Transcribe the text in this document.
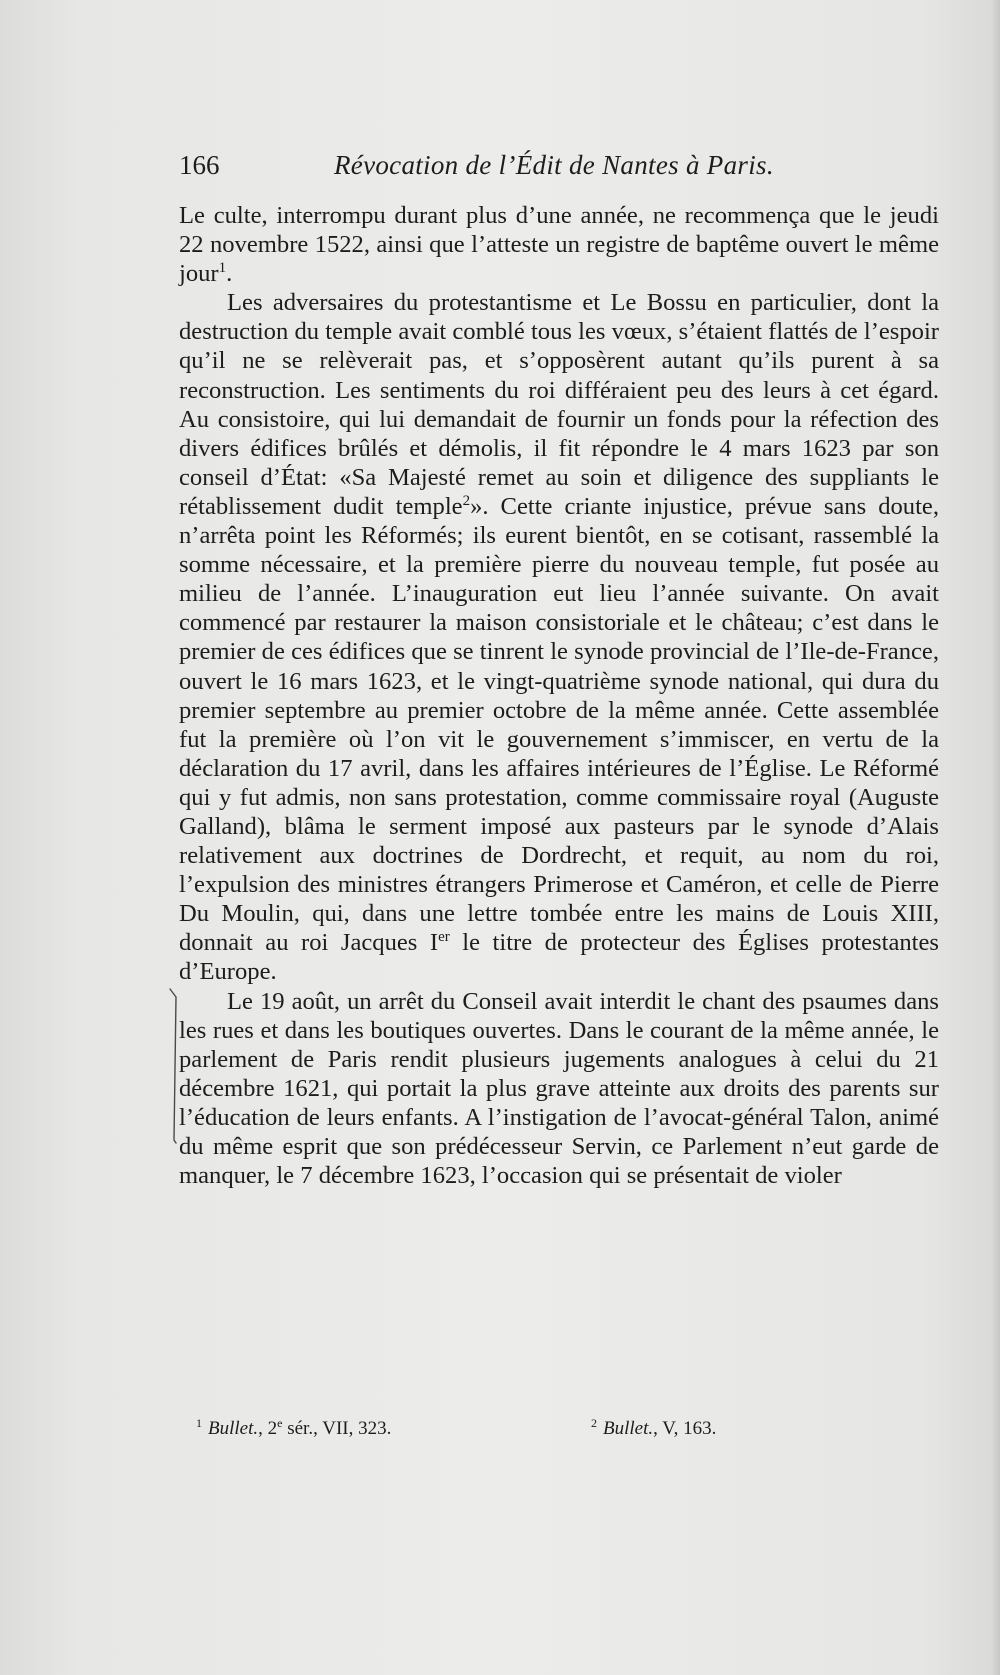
166	Révocation de l’Édit de Nantes à Paris.

Le culte, interrompu durant plus d’une année, ne recommença que le jeudi 22 novembre 1522, ainsi que l’atteste un registre de baptême ouvert le même jour$^1$.

Les adversaires du protestantisme et Le Bossu en particulier, dont la destruction du temple avait comblé tous les vœux, s’étaient flattés de l’espoir qu’il ne se relèverait pas, et s’opposèrent autant qu’ils purent à sa reconstruction. Les sentiments du roi différaient peu des leurs à cet égard. Au consistoire, qui lui demandait de fournir un fonds pour la réfection des divers édifices brûlés et démolis, il fit répondre le 4 mars 1623 par son conseil d’État: «Sa Majesté remet au soin et diligence des suppliants le rétablissement dudit temple$^2$». Cette criante injustice, prévue sans doute, n’arrêta point les Réformés; ils eurent bientôt, en se cotisant, rassemblé la somme nécessaire, et la première pierre du nouveau temple, fut posée au milieu de l’année. L’inauguration eut lieu l’année suivante. On avait commencé par restaurer la maison consistoriale et le château; c’est dans le premier de ces édifices que se tinrent le synode provincial de l’Ile-de-France, ouvert le 16 mars 1623, et le vingt-quatrième synode national, qui dura du premier septembre au premier octobre de la même année. Cette assemblée fut la première où l’on vit le gouvernement s’immiscer, en vertu de la déclaration du 17 avril, dans les affaires intérieures de l’Église. Le Réformé qui y fut admis, non sans protestation, comme commissaire royal (Auguste Galland), blâma le serment imposé aux pasteurs par le synode d’Alais relativement aux doctrines de Dordrecht, et requit, au nom du roi, l’expulsion des ministres étrangers Primerose et Caméron, et celle de Pierre Du Moulin, qui, dans une lettre tombée entre les mains de Louis XIII, donnait au roi Jacques Ier le titre de protecteur des Églises protestantes d’Europe.

Le 19 août, un arrêt du Conseil avait interdit le chant des psaumes dans les rues et dans les boutiques ouvertes. Dans le courant de la même année, le parlement de Paris rendit plusieurs jugements analogues à celui du 21 décembre 1621, qui portait la plus grave atteinte aux droits des parents sur l’éducation de leurs enfants. A l’instigation de l’avocat-général Talon, animé du même esprit que son prédécesseur Servin, ce Parlement n’eut garde de manquer, le 7 décembre 1623, l’occasion qui se présentait de violer

$^1$ Bullet., 2e sér., VII, 323.	$^2$ Bullet., V, 163.
